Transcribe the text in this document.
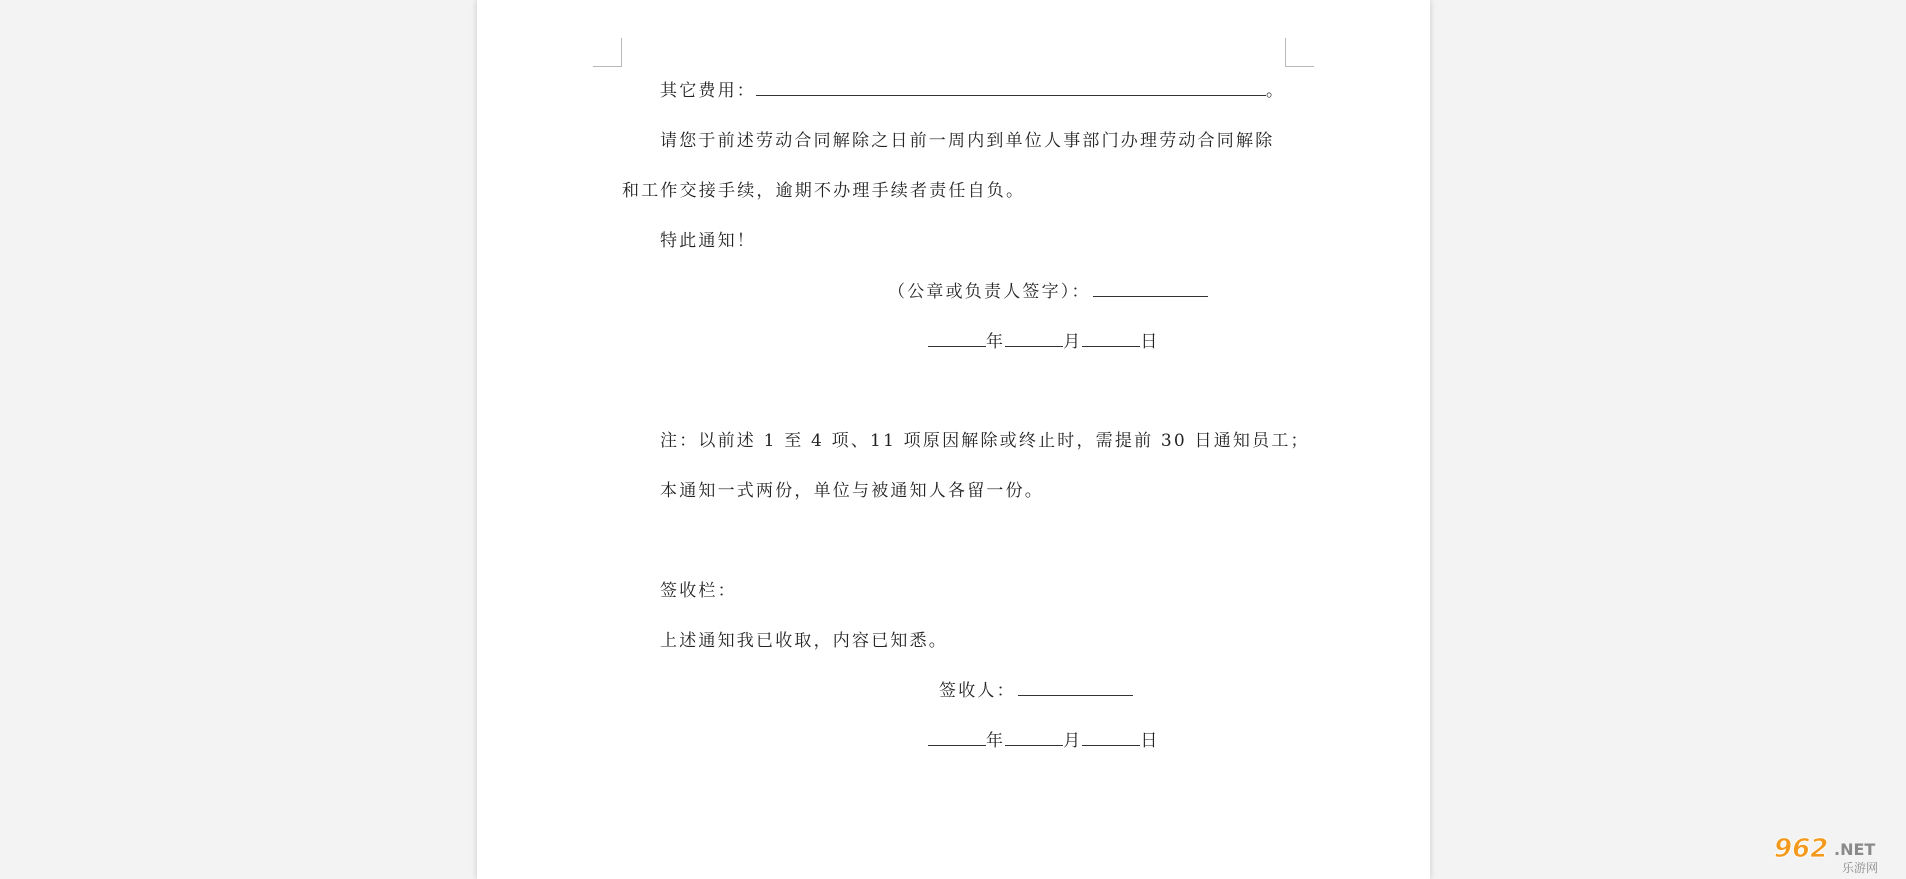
其它费用：	。
请您于前述劳动合同解除之日前一周内到单位人事部门办理劳动合同解除
和工作交接手续，逾期不办理手续者责任自负。
特此通知！
（公章或负责人签字）：
年	月	日
注：以前述 1 至 4 项、11 项原因解除或终止时，需提前 30 日通知员工；
本通知一式两份，单位与被通知人各留一份。
签收栏：
上述通知我已收取，内容已知悉。
签收人：
年	月	日
962 .NET
乐游网
